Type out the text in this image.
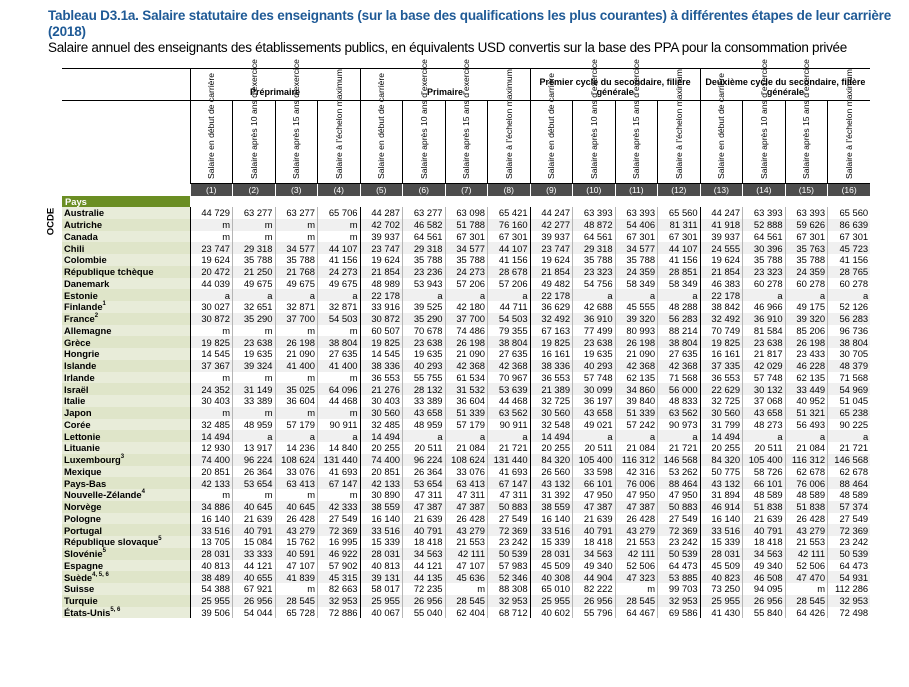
Tableau D3.1a. Salaire statutaire des enseignants (sur la base des qualifications les plus courantes) à différentes étapes de leur carrière (2018)
Salaire annuel des enseignants des établissements publics, en équivalents USD convertis sur la base des PPA pour la consommation privée
OCDE
	Préprimaire				Primaire				Premier cycle du secondaire, filière générale				Deuxième cycle du secondaire, filière générale			

	Salaire en début de carrière	Salaire après 10 ans d’exercice	Salaire après 15 ans d’exercice	Salaire à l’échelon maximum	Salaire en début de carrière	Salaire après 10 ans d’exercice	Salaire après 15 ans d’exercice	Salaire à l’échelon maximum	Salaire en début de carrière	Salaire après 10 ans d’exercice	Salaire après 15 ans d’exercice	Salaire à l’échelon maximum	Salaire en début de carrière	Salaire après 10 ans d’exercice	Salaire après 15 ans d’exercice	Salaire à l’échelon maximum

	(1)	(2)	(3)	(4)	(5)	(6)	(7)	(8)	(9)	(10)	(11)	(12)	(13)	(14)	(15)	(16)
Pays																
Australie	44 729	63 277	63 277	65 706	44 287	63 277	63 098	65 421	44 247	63 393	63 393	65 560	44 247	63 393	63 393	65 560
Autriche	m	m	m	m	42 702	46 582	51 788	76 160	42 277	48 872	54 406	81 311	41 918	52 888	59 626	86 639
Canada	m	m	m	m	39 937	64 561	67 301	67 301	39 937	64 561	67 301	67 301	39 937	64 561	67 301	67 301
Chili	23 747	29 318	34 577	44 107	23 747	29 318	34 577	44 107	23 747	29 318	34 577	44 107	24 555	30 396	35 763	45 723
Colombie	19 624	35 788	35 788	41 156	19 624	35 788	35 788	41 156	19 624	35 788	35 788	41 156	19 624	35 788	35 788	41 156
République tchèque	20 472	21 250	21 768	24 273	21 854	23 236	24 273	28 678	21 854	23 323	24 359	28 851	21 854	23 323	24 359	28 765
Danemark	44 039	49 675	49 675	49 675	48 989	53 943	57 206	57 206	49 482	54 756	58 349	58 349	46 383	60 278	60 278	60 278
Estonie	a	a	a	a	22 178	a	a	a	22 178	a	a	a	22 178	a	a	a
Finlande$^1$	30 027	32 651	32 871	32 871	33 916	39 525	42 180	44 711	36 629	42 688	45 555	48 288	38 842	46 966	49 175	52 126
France$^2$	30 872	35 290	37 700	54 503	30 872	35 290	37 700	54 503	32 492	36 910	39 320	56 283	32 492	36 910	39 320	56 283
Allemagne	m	m	m	m	60 507	70 678	74 486	79 355	67 163	77 499	80 993	88 214	70 749	81 584	85 206	96 736
Grèce	19 825	23 638	26 198	38 804	19 825	23 638	26 198	38 804	19 825	23 638	26 198	38 804	19 825	23 638	26 198	38 804
Hongrie	14 545	19 635	21 090	27 635	14 545	19 635	21 090	27 635	16 161	19 635	21 090	27 635	16 161	21 817	23 433	30 705
Islande	37 367	39 324	41 400	41 400	38 336	40 293	42 368	42 368	38 336	40 293	42 368	42 368	37 335	42 029	46 228	48 379
Irlande	m	m	m	m	36 553	55 755	61 534	70 967	36 553	57 748	62 135	71 568	36 553	57 748	62 135	71 568
Israël	24 352	31 149	35 025	64 096	21 276	28 132	31 532	53 639	21 389	30 099	34 860	56 000	22 629	30 132	33 449	54 969
Italie	30 403	33 389	36 604	44 468	30 403	33 389	36 604	44 468	32 725	36 197	39 840	48 833	32 725	37 068	40 952	51 045
Japon	m	m	m	m	30 560	43 658	51 339	63 562	30 560	43 658	51 339	63 562	30 560	43 658	51 321	65 238
Corée	32 485	48 959	57 179	90 911	32 485	48 959	57 179	90 911	32 548	49 021	57 242	90 973	31 799	48 273	56 493	90 225
Lettonie	14 494	a	a	a	14 494	a	a	a	14 494	a	a	a	14 494	a	a	a
Lituanie	12 930	13 917	14 236	14 840	20 255	20 511	21 084	21 721	20 255	20 511	21 084	21 721	20 255	20 511	21 084	21 721
Luxembourg$^3$	74 400	96 224	108 624	131 440	74 400	96 224	108 624	131 440	84 320	105 400	116 312	146 568	84 320	105 400	116 312	146 568
Mexique	20 851	26 364	33 076	41 693	20 851	26 364	33 076	41 693	26 560	33 598	42 316	53 262	50 775	58 726	62 678	62 678
Pays-Bas	42 133	53 654	63 413	67 147	42 133	53 654	63 413	67 147	43 132	66 101	76 006	88 464	43 132	66 101	76 006	88 464
Nouvelle-Zélande$^4$	m	m	m	m	30 890	47 311	47 311	47 311	31 392	47 950	47 950	47 950	31 894	48 589	48 589	48 589
Norvège	34 886	40 645	40 645	42 333	38 559	47 387	47 387	50 883	38 559	47 387	47 387	50 883	46 914	51 838	51 838	57 374
Pologne	16 140	21 639	26 428	27 549	16 140	21 639	26 428	27 549	16 140	21 639	26 428	27 549	16 140	21 639	26 428	27 549
Portugal	33 516	40 791	43 279	72 369	33 516	40 791	43 279	72 369	33 516	40 791	43 279	72 369	33 516	40 791	43 279	72 369
République slovaque$^5$	13 705	15 084	15 762	16 995	15 339	18 418	21 553	23 242	15 339	18 418	21 553	23 242	15 339	18 418	21 553	23 242
Slovénie$^5$	28 031	33 333	40 591	46 922	28 031	34 563	42 111	50 539	28 031	34 563	42 111	50 539	28 031	34 563	42 111	50 539
Espagne	40 813	44 121	47 107	57 902	40 813	44 121	47 107	57 983	45 509	49 340	52 506	64 473	45 509	49 340	52 506	64 473
Suède$^{4, 5, 6}$	38 489	40 655	41 839	45 315	39 131	44 135	45 636	52 346	40 308	44 904	47 323	53 885	40 823	46 508	47 470	54 931
Suisse	54 388	67 921	m	82 663	58 017	72 235	m	88 308	65 010	82 222	m	99 703	73 250	94 095	m	112 286
Turquie	25 955	26 956	28 545	32 953	25 955	26 956	28 545	32 953	25 955	26 956	28 545	32 953	25 955	26 956	28 545	32 953
États-Unis$^{5, 6}$	39 506	54 044	65 728	72 886	40 067	55 040	62 404	68 712	40 602	55 796	64 467	69 586	41 430	55 840	64 426	72 498
